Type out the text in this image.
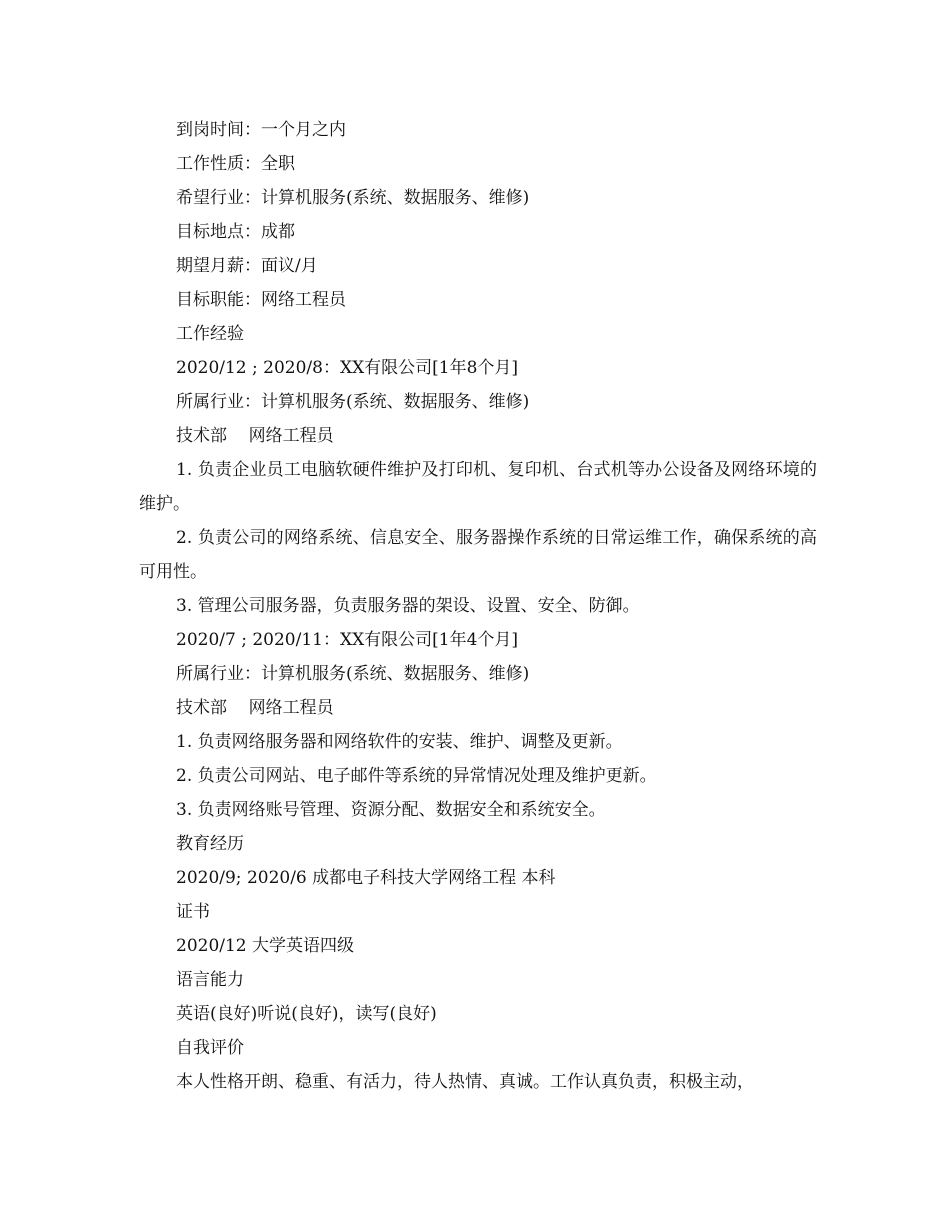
到岗时间：一个月之内

工作性质：全职

希望行业：计算机服务(系统、数据服务、维修)

目标地点：成都

期望月薪：面议/月

目标职能：网络工程员

工作经验

2020/12 ; 2020/8：XX有限公司[1年8个月]

所属行业：计算机服务(系统、数据服务、维修)

技术部    网络工程员

1. 负责企业员工电脑软硬件维护及打印机、复印机、台式机等办公设备及网络环境的维护。

2. 负责公司的网络系统、信息安全、服务器操作系统的日常运维工作，确保系统的高可用性。

3. 管理公司服务器，负责服务器的架设、设置、安全、防御。

2020/7 ; 2020/11：XX有限公司[1年4个月]

所属行业：计算机服务(系统、数据服务、维修)

技术部    网络工程员

1. 负责网络服务器和网络软件的安装、维护、调整及更新。

2. 负责公司网站、电子邮件等系统的异常情况处理及维护更新。

3. 负责网络账号管理、资源分配、数据安全和系统安全。

教育经历

2020/9; 2020/6 成都电子科技大学网络工程 本科

证书

2020/12 大学英语四级

语言能力

英语(良好)听说(良好)，读写(良好)

自我评价

本人性格开朗、稳重、有活力，待人热情、真诚。工作认真负责，积极主动，
